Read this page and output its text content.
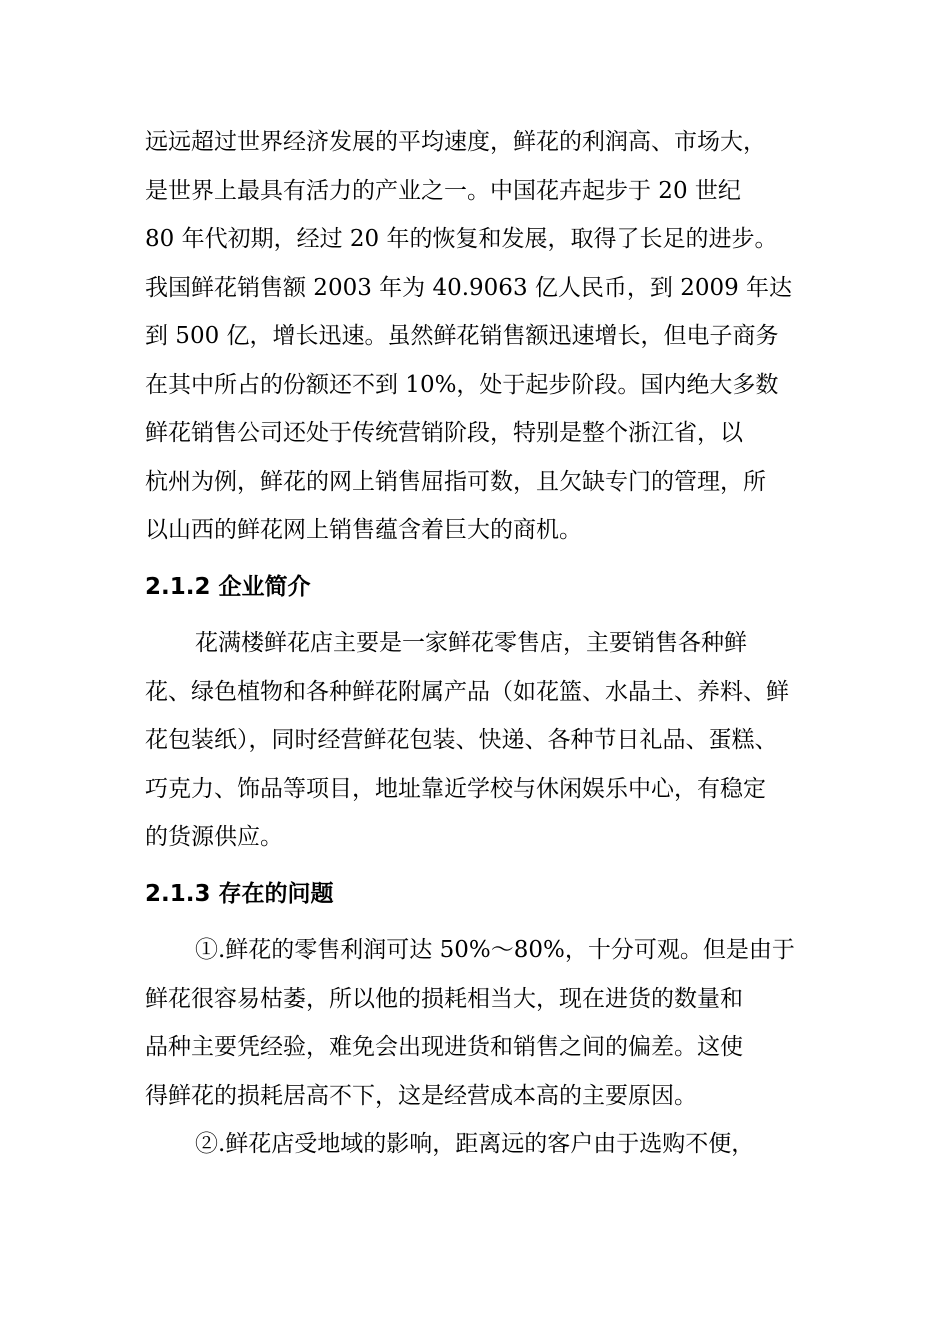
远远超过世界经济发展的平均速度，鲜花的利润高、市场大，
是世界上最具有活力的产业之一。中国花卉起步于 20 世纪
80 年代初期，经过 20 年的恢复和发展，取得了长足的进步。
我国鲜花销售额 2003 年为 40.9063 亿人民币，到 2009 年达
到 500 亿，增长迅速。虽然鲜花销售额迅速增长，但电子商务
在其中所占的份额还不到 10%，处于起步阶段。国内绝大多数
鲜花销售公司还处于传统营销阶段，特别是整个浙江省，以
杭州为例，鲜花的网上销售屈指可数，且欠缺专门的管理，所
以山西的鲜花网上销售蕴含着巨大的商机。
2.1.2 企业简介
花满楼鲜花店主要是一家鲜花零售店，主要销售各种鲜
花、绿色植物和各种鲜花附属产品（如花篮、水晶土、养料、鲜
花包装纸），同时经营鲜花包装、快递、各种节日礼品、蛋糕、
巧克力、饰品等项目，地址靠近学校与休闲娱乐中心，有稳定
的货源供应。
2.1.3 存在的问题
①.鲜花的零售利润可达 50%～80%，十分可观。但是由于
鲜花很容易枯萎，所以他的损耗相当大，现在进货的数量和
品种主要凭经验，难免会出现进货和销售之间的偏差。这使
得鲜花的损耗居高不下，这是经营成本高的主要原因。
②.鲜花店受地域的影响，距离远的客户由于选购不便，
